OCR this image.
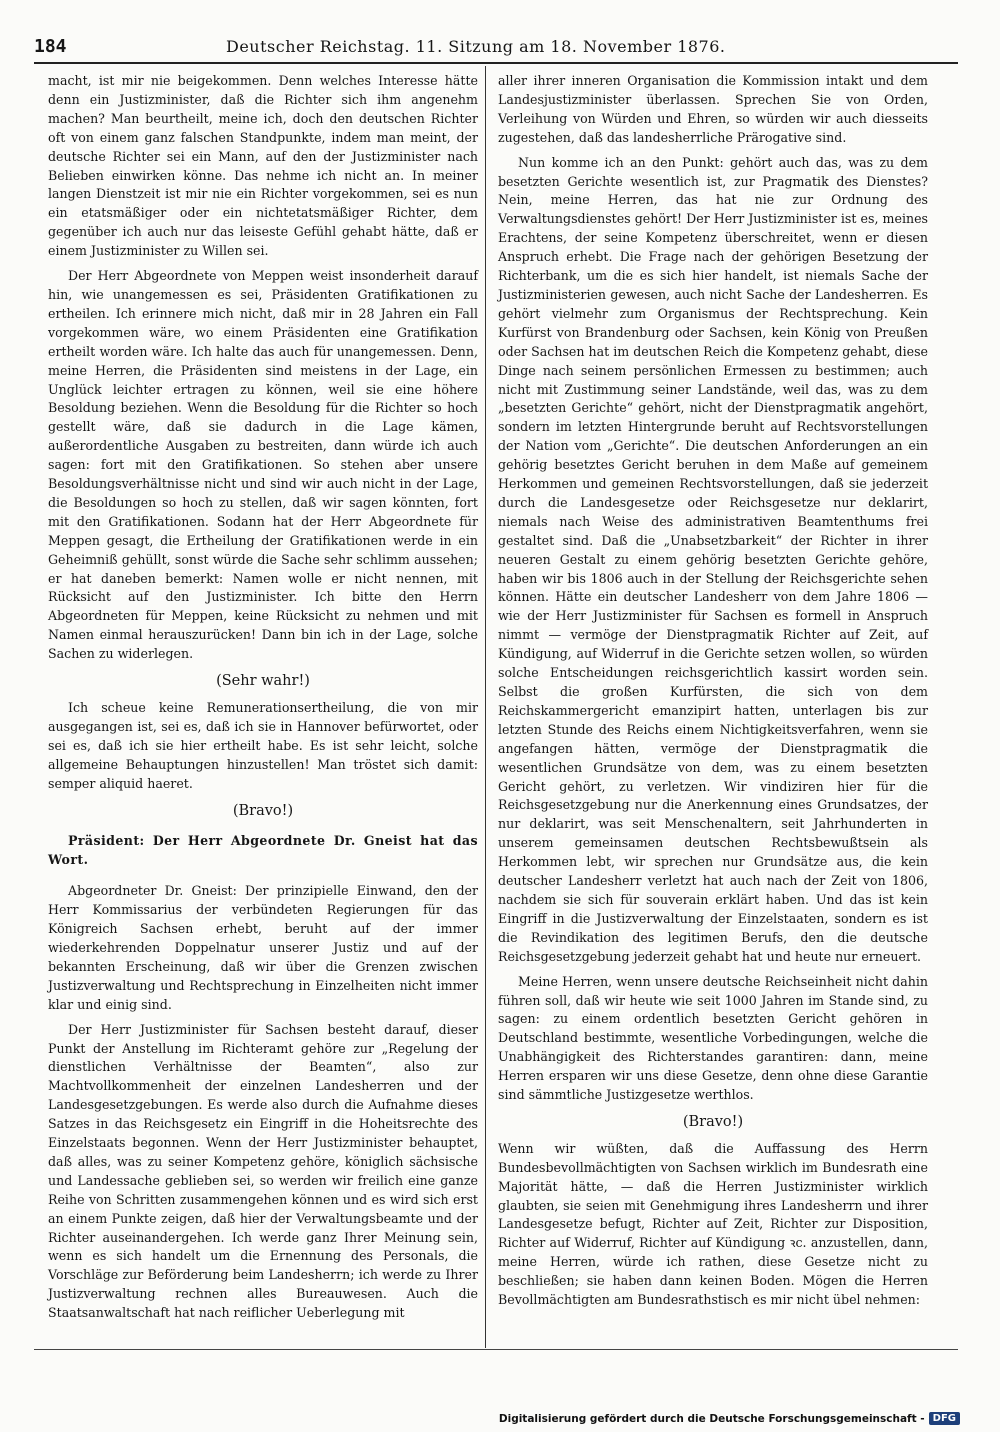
184	Deutscher Reichstag. 11. Sitzung am 18. November 1876.

macht, ist mir nie beigekommen. Denn welches Interesse hätte denn ein Justizminister, daß die Richter sich ihm angenehm machen? Man beurtheilt, meine ich, doch den deutschen Richter oft von einem ganz falschen Standpunkte, indem man meint, der deutsche Richter sei ein Mann, auf den der Justizminister nach Belieben einwirken könne. Das nehme ich nicht an. In meiner langen Dienstzeit ist mir nie ein Richter vorgekommen, sei es nun ein etatsmäßiger oder ein nichtetatsmäßiger Richter, dem gegenüber ich auch nur das leiseste Gefühl gehabt hätte, daß er einem Justizminister zu Willen sei.

Der Herr Abgeordnete von Meppen weist insonderheit darauf hin, wie unangemessen es sei, Präsidenten Gratifikationen zu ertheilen. Ich erinnere mich nicht, daß mir in 28 Jahren ein Fall vorgekommen wäre, wo einem Präsidenten eine Gratifikation ertheilt worden wäre. Ich halte das auch für unangemessen. Denn, meine Herren, die Präsidenten sind meistens in der Lage, ein Unglück leichter ertragen zu können, weil sie eine höhere Besoldung beziehen. Wenn die Besoldung für die Richter so hoch gestellt wäre, daß sie dadurch in die Lage kämen, außerordentliche Ausgaben zu bestreiten, dann würde ich auch sagen: fort mit den Gratifikationen. So stehen aber unsere Besoldungsverhältnisse nicht und sind wir auch nicht in der Lage, die Besoldungen so hoch zu stellen, daß wir sagen könnten, fort mit den Gratifikationen. Sodann hat der Herr Abgeordnete für Meppen gesagt, die Ertheilung der Gratifikationen werde in ein Geheimniß gehüllt, sonst würde die Sache sehr schlimm aussehen; er hat daneben bemerkt: Namen wolle er nicht nennen, mit Rücksicht auf den Justizminister. Ich bitte den Herrn Abgeordneten für Meppen, keine Rücksicht zu nehmen und mit Namen einmal herauszurücken! Dann bin ich in der Lage, solche Sachen zu widerlegen.

(Sehr wahr!)

Ich scheue keine Remunerationsertheilung, die von mir ausgegangen ist, sei es, daß ich sie in Hannover befürwortet, oder sei es, daß ich sie hier ertheilt habe. Es ist sehr leicht, solche allgemeine Behauptungen hinzustellen! Man tröstet sich damit: semper aliquid haeret.

(Bravo!)

Präsident: Der Herr Abgeordnete Dr. Gneist hat das Wort.

Abgeordneter Dr. Gneist: Der prinzipielle Einwand, den der Herr Kommissarius der verbündeten Regierungen für das Königreich Sachsen erhebt, beruht auf der immer wiederkehrenden Doppelnatur unserer Justiz und auf der bekannten Erscheinung, daß wir über die Grenzen zwischen Justizverwaltung und Rechtsprechung in Einzelheiten nicht immer klar und einig sind.

Der Herr Justizminister für Sachsen besteht darauf, dieser Punkt der Anstellung im Richteramt gehöre zur „Regelung der dienstlichen Verhältnisse der Beamten“, also zur Machtvollkommenheit der einzelnen Landesherren und der Landesgesetzgebungen. Es werde also durch die Aufnahme dieses Satzes in das Reichsgesetz ein Eingriff in die Hoheitsrechte des Einzelstaats begonnen. Wenn der Herr Justizminister behauptet, daß alles, was zu seiner Kompetenz gehöre, königlich sächsische und Landessache geblieben sei, so werden wir freilich eine ganze Reihe von Schritten zusammengehen können und es wird sich erst an einem Punkte zeigen, daß hier der Verwaltungsbeamte und der Richter auseinandergehen. Ich werde ganz Ihrer Meinung sein, wenn es sich handelt um die Ernennung des Personals, die Vorschläge zur Beförderung beim Landesherrn; ich werde zu Ihrer Justizverwaltung rechnen alles Bureauwesen. Auch die Staatsanwaltschaft hat nach reiflicher Ueberlegung mit

aller ihrer inneren Organisation die Kommission intakt und dem Landesjustizminister überlassen. Sprechen Sie von Orden, Verleihung von Würden und Ehren, so würden wir auch diesseits zugestehen, daß das landesherrliche Prärogative sind.

Nun komme ich an den Punkt: gehört auch das, was zu dem besetzten Gerichte wesentlich ist, zur Pragmatik des Dienstes? Nein, meine Herren, das hat nie zur Ordnung des Verwaltungsdienstes gehört! Der Herr Justizminister ist es, meines Erachtens, der seine Kompetenz überschreitet, wenn er diesen Anspruch erhebt. Die Frage nach der gehörigen Besetzung der Richterbank, um die es sich hier handelt, ist niemals Sache der Justizministerien gewesen, auch nicht Sache der Landesherren. Es gehört vielmehr zum Organismus der Rechtsprechung. Kein Kurfürst von Brandenburg oder Sachsen, kein König von Preußen oder Sachsen hat im deutschen Reich die Kompetenz gehabt, diese Dinge nach seinem persönlichen Ermessen zu bestimmen; auch nicht mit Zustimmung seiner Landstände, weil das, was zu dem „besetzten Gerichte“ gehört, nicht der Dienstpragmatik angehört, sondern im letzten Hintergrunde beruht auf Rechtsvorstellungen der Nation vom „Gerichte“. Die deutschen Anforderungen an ein gehörig besetztes Gericht beruhen in dem Maße auf gemeinem Herkommen und gemeinen Rechtsvorstellungen, daß sie jederzeit durch die Landesgesetze oder Reichsgesetze nur deklarirt, niemals nach Weise des administrativen Beamtenthums frei gestaltet sind. Daß die „Unabsetzbarkeit“ der Richter in ihrer neueren Gestalt zu einem gehörig besetzten Gerichte gehöre, haben wir bis 1806 auch in der Stellung der Reichsgerichte sehen können. Hätte ein deutscher Landesherr von dem Jahre 1806 — wie der Herr Justizminister für Sachsen es formell in Anspruch nimmt — vermöge der Dienstpragmatik Richter auf Zeit, auf Kündigung, auf Widerruf in die Gerichte setzen wollen, so würden solche Entscheidungen reichsgerichtlich kassirt worden sein. Selbst die großen Kurfürsten, die sich von dem Reichskammergericht emanzipirt hatten, unterlagen bis zur letzten Stunde des Reichs einem Nichtigkeitsverfahren, wenn sie angefangen hätten, vermöge der Dienstpragmatik die wesentlichen Grundsätze von dem, was zu einem besetzten Gericht gehört, zu verletzen. Wir vindiziren hier für die Reichsgesetzgebung nur die Anerkennung eines Grundsatzes, der nur deklarirt, was seit Menschenaltern, seit Jahrhunderten in unserem gemeinsamen deutschen Rechtsbewußtsein als Herkommen lebt, wir sprechen nur Grundsätze aus, die kein deutscher Landesherr verletzt hat auch nach der Zeit von 1806, nachdem sie sich für souverain erklärt haben. Und das ist kein Eingriff in die Justizverwaltung der Einzelstaaten, sondern es ist die Revindikation des legitimen Berufs, den die deutsche Reichsgesetzgebung jederzeit gehabt hat und heute nur erneuert.

Meine Herren, wenn unsere deutsche Reichseinheit nicht dahin führen soll, daß wir heute wie seit 1000 Jahren im Stande sind, zu sagen: zu einem ordentlich besetzten Gericht gehören in Deutschland bestimmte, wesentliche Vorbedingungen, welche die Unabhängigkeit des Richterstandes garantiren: dann, meine Herren ersparen wir uns diese Gesetze, denn ohne diese Garantie sind sämmtliche Justizgesetze werthlos.

(Bravo!)

Wenn wir wüßten, daß die Auffassung des Herrn Bundesbevollmächtigten von Sachsen wirklich im Bundesrath eine Majorität hätte, — daß die Herren Justizminister wirklich glaubten, sie seien mit Genehmigung ihres Landesherrn und ihrer Landesgesetze befugt, Richter auf Zeit, Richter zur Disposition, Richter auf Widerruf, Richter auf Kündigung ꝛc. anzustellen, dann, meine Herren, würde ich rathen, diese Gesetze nicht zu beschließen; sie haben dann keinen Boden. Mögen die Herren Bevollmächtigten am Bundesrathstisch es mir nicht übel nehmen:

Digitalisierung gefördert durch die Deutsche Forschungsgemeinschaft - DFG
